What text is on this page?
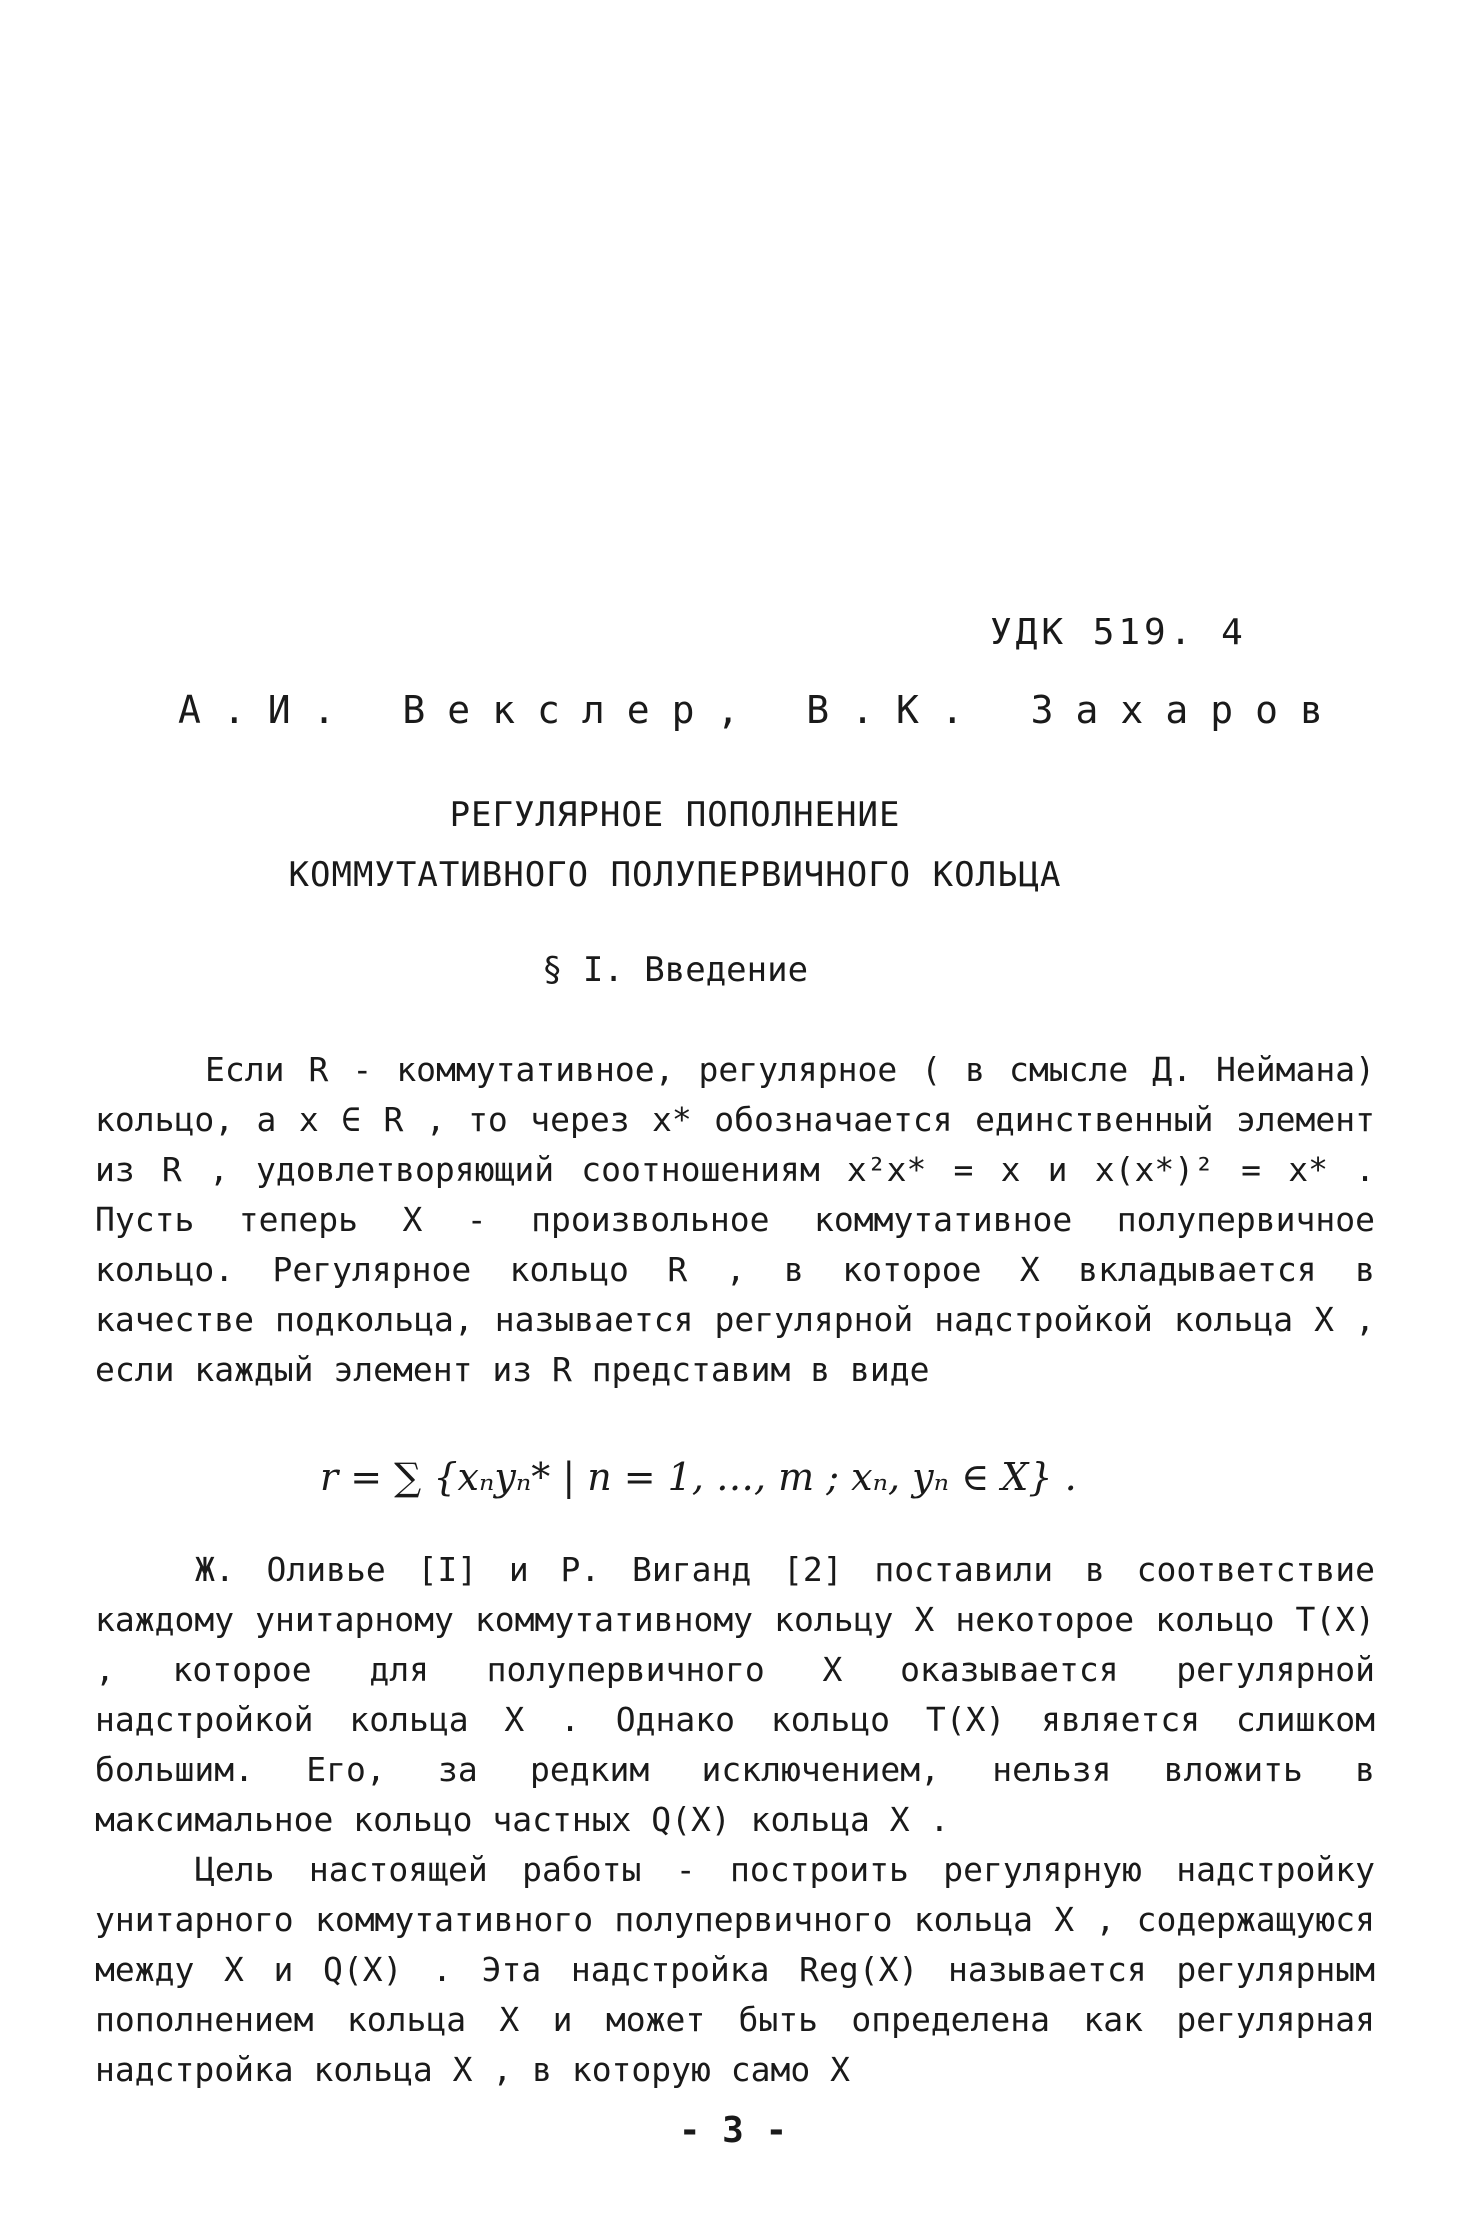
УДК 519. 4
А.И. Векслер, В.К. Захаров
РЕГУЛЯРНОЕ ПОПОЛНЕНИЕ
КОММУТАТИВНОГО ПОЛУПЕРВИЧНОГО КОЛЬЦА
§ I. Введение
Если R - коммутативное, регулярное ( в смысле Д. Неймана) кольцо, а x ∈ R , то через x* обозначается единственный элемент из R , удовлетворяющий соотношениям x²x* = x и x(x*)² = x* . Пусть теперь X - произвольное коммутативное полупервичное кольцо. Регулярное кольцо R , в которое X вкладывается в качестве подкольца, называется регулярной надстройкой кольца X , если каждый элемент из R представим в виде
r = ∑ {xₙyₙ* | n = 1, …, m ; xₙ, yₙ ∈ X} .
Ж. Оливье [I] и Р. Виганд [2] поставили в соответствие каждому унитарному коммутативному кольцу X некоторое кольцо T(X) , которое для полупервичного X оказывается регулярной надстройкой кольца X . Однако кольцо T(X) является слишком большим. Его, за редким исключением, нельзя вложить в максимальное кольцо частных Q(X) кольца X .
Цель настоящей работы - построить регулярную надстройку унитарного коммутативного полупервичного кольца X , содержащуюся между X и Q(X) . Эта надстройка Reg(X) называется регулярным пополнением кольца X и может быть определена как регулярная надстройка кольца X , в которую само X
- 3 -
